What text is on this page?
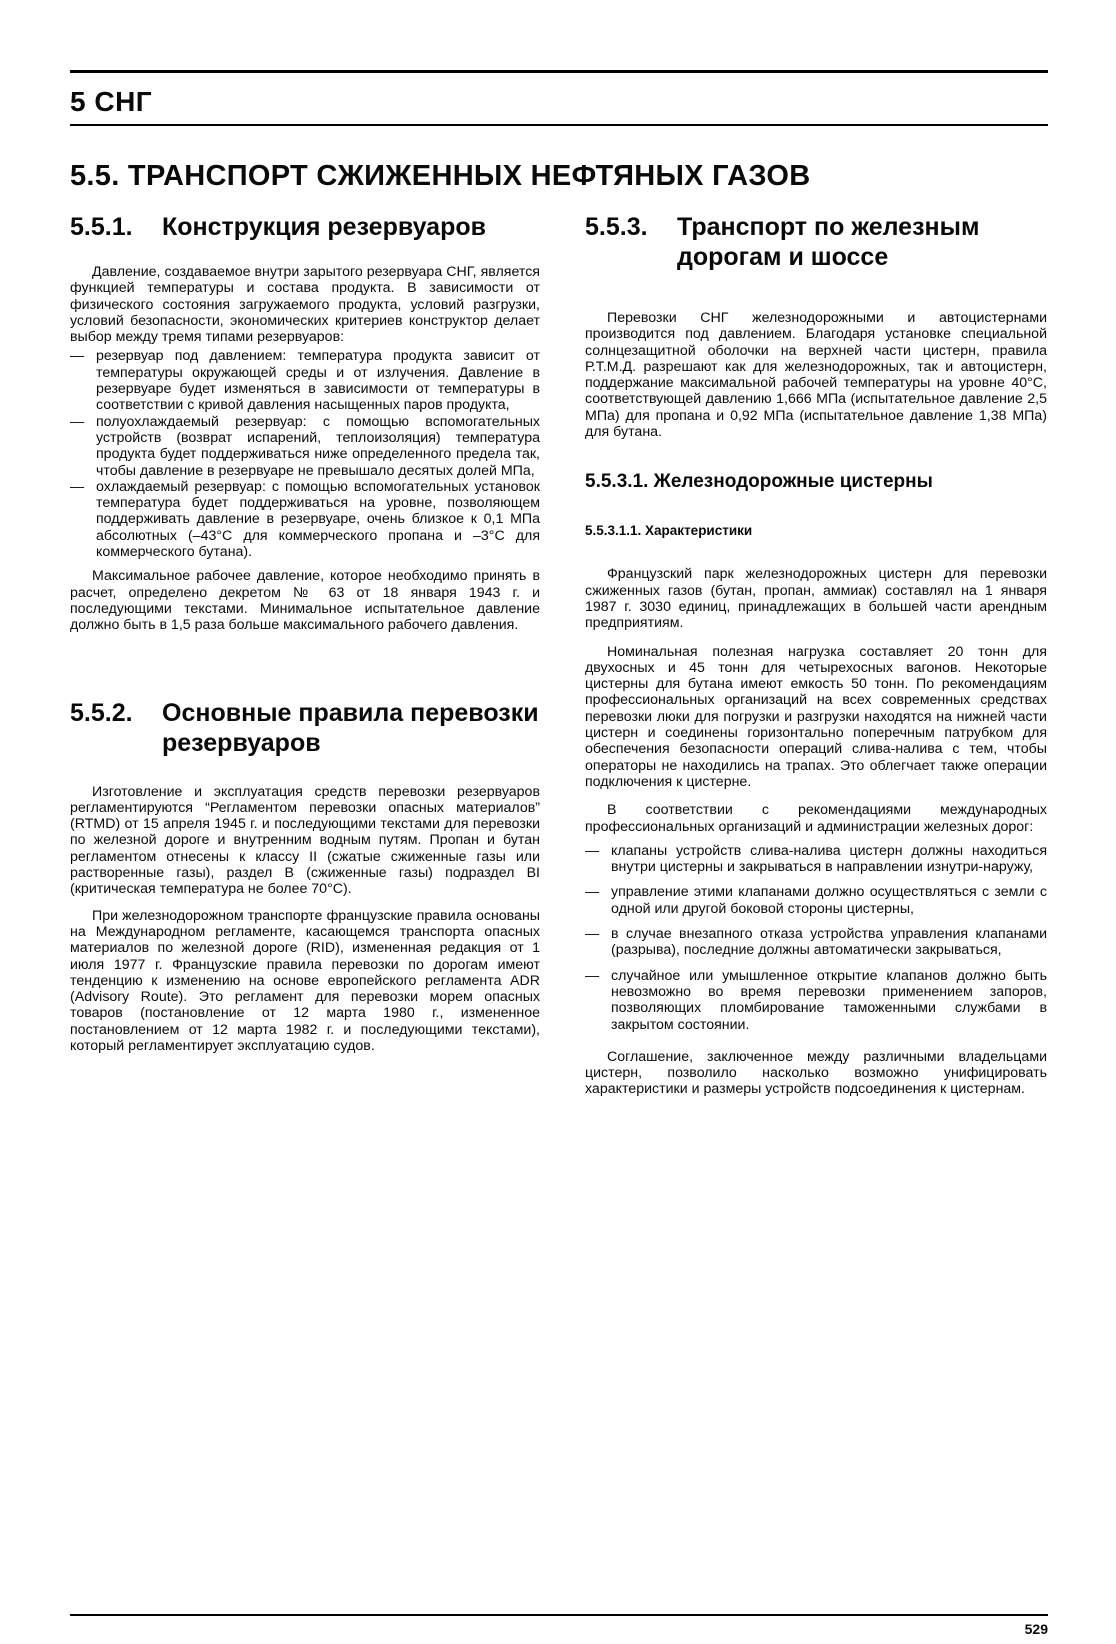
5 СНГ
5.5. ТРАНСПОРТ СЖИЖЕННЫХ НЕФТЯНЫХ ГАЗОВ
5.5.1.	Конструкция резервуаров

Давление, создаваемое внутри зарытого резервуара СНГ, является функцией температуры и состава продукта. В зависимости от физического состояния загружаемого продукта, условий разгрузки, условий безопасности, экономических критериев конструктор делает выбор между тремя типами резервуаров:

— резервуар под давлением: температура продукта зависит от температуры окружающей среды и от излучения. Давление в резервуаре будет изменяться в зависимости от температуры в соответствии с кривой давления насыщенных паров продукта,
— полуохлаждаемый резервуар: с помощью вспомогательных устройств (возврат испарений, теплоизоляция) температура продукта будет поддерживаться ниже определенного предела так, чтобы давление в резервуаре не превышало десятых долей МПа,
— охлаждаемый резервуар: с помощью вспомогательных установок температура будет поддерживаться на уровне, позволяющем поддерживать давление в резервуаре, очень близкое к 0,1 МПа абсолютных (–43°С для коммерческого пропана и –3°С для коммерческого бутана).

Максимальное рабочее давление, которое необходимо принять в расчет, определено декретом № 63 от 18 января 1943 г. и последующими текстами. Минимальное испытательное давление должно быть в 1,5 раза больше максимального рабочего давления.

5.5.2.	Основные правила перевозки резервуаров

Изготовление и эксплуатация средств перевозки резервуаров регламентируются “Регламентом перевозки опасных материалов” (RTMD) от 15 апреля 1945 г. и последующими текстами для перевозки по железной дороге и внутренним водным путям. Пропан и бутан регламентом отнесены к классу II (сжатые сжиженные газы или растворенные газы), раздел В (сжиженные газы) подраздел BI (критическая температура не более 70°С).

При железнодорожном транспорте французские правила основаны на Международном регламенте, касающемся транспорта опасных материалов по железной дороге (RID), измененная редакция от 1 июля 1977 г. Французские правила перевозки по дорогам имеют тенденцию к изменению на основе европейского регламента ADR (Advisory Route). Это регламент для перевозки морем опасных товаров (постановление от 12 марта 1980 г., измененное постановлением от 12 марта 1982 г. и последующими текстами), который регламентирует эксплуатацию судов.

5.5.3.	Транспорт по железным дорогам и шоссе

Перевозки СНГ железнодорожными и автоцистернами производится под давлением. Благодаря установке специальной солнцезащитной оболочки на верхней части цистерн, правила Р.Т.М.Д. разрешают как для железнодорожных, так и автоцистерн, поддержание максимальной рабочей температуры на уровне 40°С, соответствующей давлению 1,666 МПа (испытательное давление 2,5 МПа) для пропана и 0,92 МПа (испытательное давление 1,38 МПа) для бутана.

5.5.3.1. Железнодорожные цистерны
5.5.3.1.1. Характеристики

Французский парк железнодорожных цистерн для перевозки сжиженных газов (бутан, пропан, аммиак) составлял на 1 января 1987 г. 3030 единиц, принадлежащих в большей части арендным предприятиям.

Номинальная полезная нагрузка составляет 20 тонн для двухосных и 45 тонн для четырехосных вагонов. Некоторые цистерны для бутана имеют емкость 50 тонн. По рекомендациям профессиональных организаций на всех современных средствах перевозки люки для погрузки и разгрузки находятся на нижней части цистерн и соединены горизонтально поперечным патрубком для обеспечения безопасности операций слива-налива с тем, чтобы операторы не находились на трапах. Это облегчает также операции подключения к цистерне.

В соответствии с рекомендациями международных профессиональных организаций и администрации железных дорог:

— клапаны устройств слива-налива цистерн должны находиться внутри цистерны и закрываться в направлении изнутри-наружу,
— управление этими клапанами должно осуществляться с земли с одной или другой боковой стороны цистерны,
— в случае внезапного отказа устройства управления клапанами (разрыва), последние должны автоматически закрываться,
— случайное или умышленное открытие клапанов должно быть невозможно во время перевозки применением запоров, позволяющих пломбирование таможенными службами в закрытом состоянии.

Соглашение, заключенное между различными владельцами цистерн, позволило насколько возможно унифицировать характеристики и размеры устройств подсоединения к цистернам.

529
